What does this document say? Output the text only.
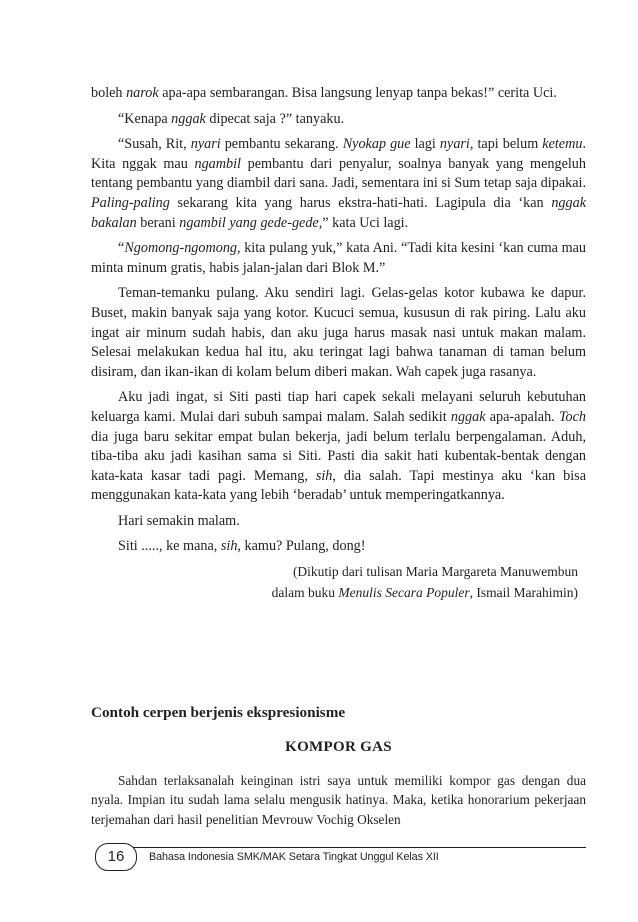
boleh narok apa-apa sembarangan. Bisa langsung lenyap tanpa bekas!” cerita Uci.

“Kenapa nggak dipecat saja ?” tanyaku.

“Susah, Rit, nyari pembantu sekarang. Nyokap gue lagi nyari, tapi belum ketemu. Kita nggak mau ngambil pembantu dari penyalur, soalnya banyak yang mengeluh tentang pembantu yang diambil dari sana. Jadi, sementara ini si Sum tetap saja dipakai. Paling-paling sekarang kita yang harus ekstra-hati-hati. Lagipula dia ‘kan nggak bakalan berani ngambil yang gede-gede,” kata Uci lagi.

“Ngomong-ngomong, kita pulang yuk,” kata Ani. “Tadi kita kesini ‘kan cuma mau minta minum gratis, habis jalan-jalan dari Blok M.”

Teman-temanku pulang. Aku sendiri lagi. Gelas-gelas kotor kubawa ke dapur. Buset, makin banyak saja yang kotor. Kucuci semua, kususun di rak piring. Lalu aku ingat air minum sudah habis, dan aku juga harus masak nasi untuk makan malam. Selesai melakukan kedua hal itu, aku teringat lagi bahwa tanaman di taman belum disiram, dan ikan-ikan di kolam belum diberi makan. Wah capek juga rasanya.

Aku jadi ingat, si Siti pasti tiap hari capek sekali melayani seluruh kebutuhan keluarga kami. Mulai dari subuh sampai malam. Salah sedikit nggak apa-apalah. Toch dia juga baru sekitar empat bulan bekerja, jadi belum terlalu berpengalaman. Aduh, tiba-tiba aku jadi kasihan sama si Siti. Pasti dia sakit hati kubentak-bentak dengan kata-kata kasar tadi pagi. Memang, sih, dia salah. Tapi mestinya aku ‘kan bisa menggunakan kata-kata yang lebih ‘beradab’ untuk memperingatkannya.

Hari semakin malam.

Siti ....., ke mana, sih, kamu? Pulang, dong!

(Dikutip dari tulisan Maria Margareta Manuwembun
dalam buku Menulis Secara Populer, Ismail Marahimin)
Contoh cerpen berjenis ekspresionisme
KOMPOR GAS
Sahdan terlaksanalah keinginan istri saya untuk memiliki kompor gas dengan dua nyala. Impian itu sudah lama selalu mengusik hatinya. Maka, ketika honorarium pekerjaan terjemahan dari hasil penelitian Mevrouw Vochig Okselen
16	Bahasa Indonesia SMK/MAK Setara Tingkat Unggul Kelas XII
